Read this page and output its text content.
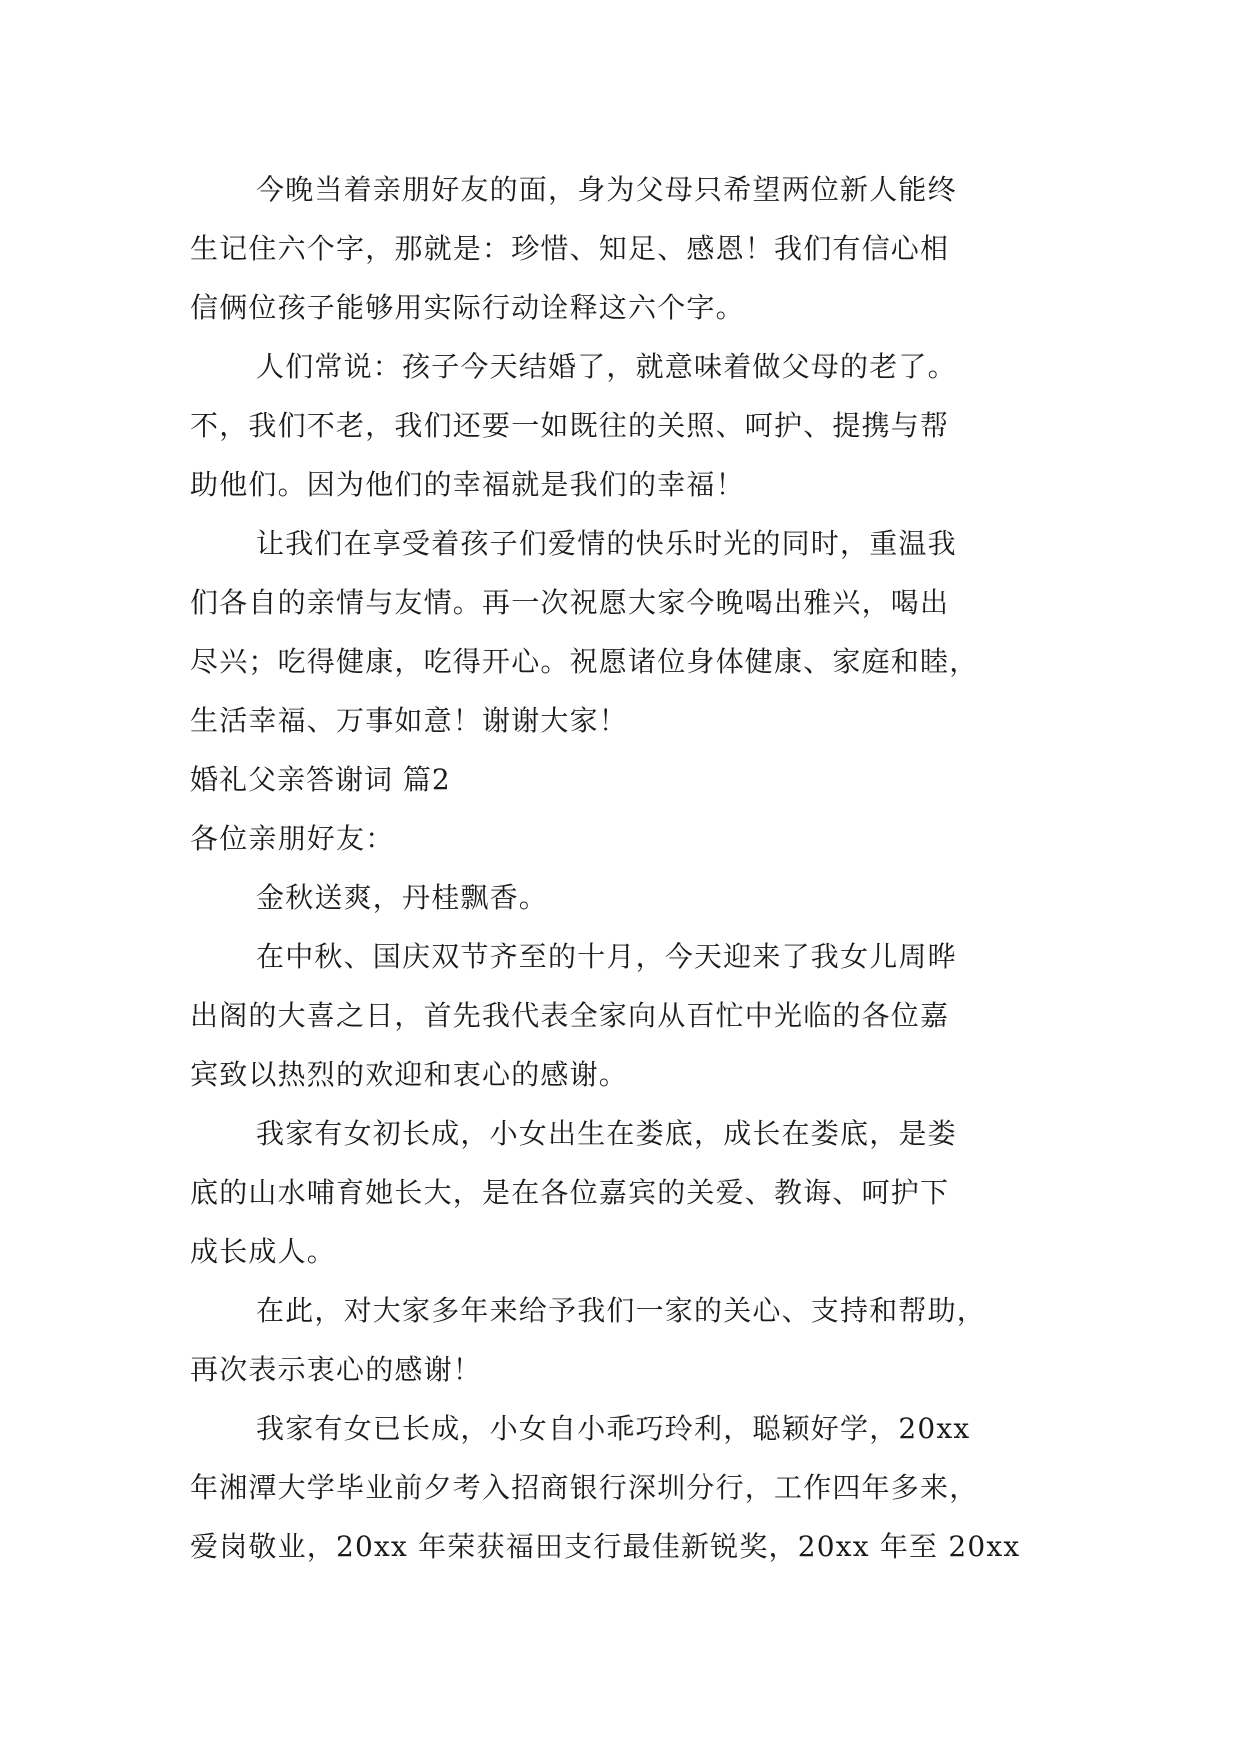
今晚当着亲朋好友的面，身为父母只希望两位新人能终
生记住六个字，那就是：珍惜、知足、感恩！我们有信心相
信俩位孩子能够用实际行动诠释这六个字。
人们常说：孩子今天结婚了，就意味着做父母的老了。
不，我们不老，我们还要一如既往的关照、呵护、提携与帮
助他们。因为他们的幸福就是我们的幸福！
让我们在享受着孩子们爱情的快乐时光的同时，重温我
们各自的亲情与友情。再一次祝愿大家今晚喝出雅兴，喝出
尽兴；吃得健康，吃得开心。祝愿诸位身体健康、家庭和睦，
生活幸福、万事如意！谢谢大家！
婚礼父亲答谢词 篇2
各位亲朋好友：
金秋送爽，丹桂飘香。
在中秋、国庆双节齐至的十月，今天迎来了我女儿周晔
出阁的大喜之日，首先我代表全家向从百忙中光临的各位嘉
宾致以热烈的欢迎和衷心的感谢。
我家有女初长成，小女出生在娄底，成长在娄底，是娄
底的山水哺育她长大，是在各位嘉宾的关爱、教诲、呵护下
成长成人。
在此，对大家多年来给予我们一家的关心、支持和帮助，
再次表示衷心的感谢！
我家有女已长成，小女自小乖巧玲利，聪颖好学，20xx
年湘潭大学毕业前夕考入招商银行深圳分行，工作四年多来，
爱岗敬业，20xx 年荣获福田支行最佳新锐奖，20xx 年至 20xx
